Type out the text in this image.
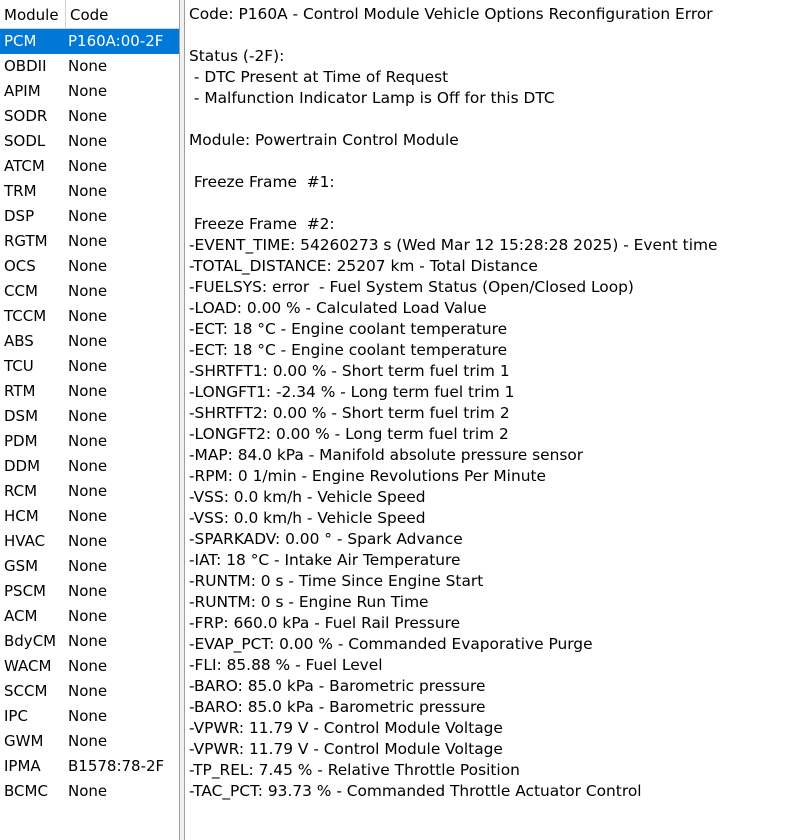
Module Code
PCM P160A:00-2F
OBDII None
APIM None
SODR None
SODL None
ATCM None
TRM None
DSP None
RGTM None
OCS None
CCM None
TCCM None
ABS None
TCU None
RTM None
DSM None
PDM None
DDM None
RCM None
HCM None
HVAC None
GSM None
PSCM None
ACM None
BdyCM None
WACM None
SCCM None
IPC	None
GWM None
IPMA B1578:78-2F
BCMC None
Code: P160A - Control Module Vehicle Options Reconfiguration Error
Status (-2F):
- DTC Present at Time of Request
- Malfunction Indicator Lamp is Off for this DTC
Module: Powertrain Control Module
Freeze Frame  #1:
Freeze Frame  #2:
-EVENT_TIME: 54260273 s (Wed Mar 12 15:28:28 2025) - Event time
-TOTAL_DISTANCE: 25207 km - Total Distance
-FUELSYS: error  - Fuel System Status (Open/Closed Loop)
-LOAD: 0.00 % - Calculated Load Value
-ECT: 18 °C - Engine coolant temperature
-ECT: 18 °C - Engine coolant temperature
-SHRTFT1: 0.00 % - Short term fuel trim 1
-LONGFT1: -2.34 % - Long term fuel trim 1
-SHRTFT2: 0.00 % - Short term fuel trim 2
-LONGFT2: 0.00 % - Long term fuel trim 2
-MAP: 84.0 kPa - Manifold absolute pressure sensor
-RPM: 0 1/min - Engine Revolutions Per Minute
-VSS: 0.0 km/h - Vehicle Speed
-VSS: 0.0 km/h - Vehicle Speed
-SPARKADV: 0.00 ° - Spark Advance
-IAT: 18 °C - Intake Air Temperature
-RUNTM: 0 s - Time Since Engine Start
-RUNTM: 0 s - Engine Run Time
-FRP: 660.0 kPa - Fuel Rail Pressure
-EVAP_PCT: 0.00 % - Commanded Evaporative Purge
-FLI: 85.88 % - Fuel Level
-BARO: 85.0 kPa - Barometric pressure
-BARO: 85.0 kPa - Barometric pressure
-VPWR: 11.79 V - Control Module Voltage
-VPWR: 11.79 V - Control Module Voltage
-TP_REL: 7.45 % - Relative Throttle Position
-TAC_PCT: 93.73 % - Commanded Throttle Actuator Control
